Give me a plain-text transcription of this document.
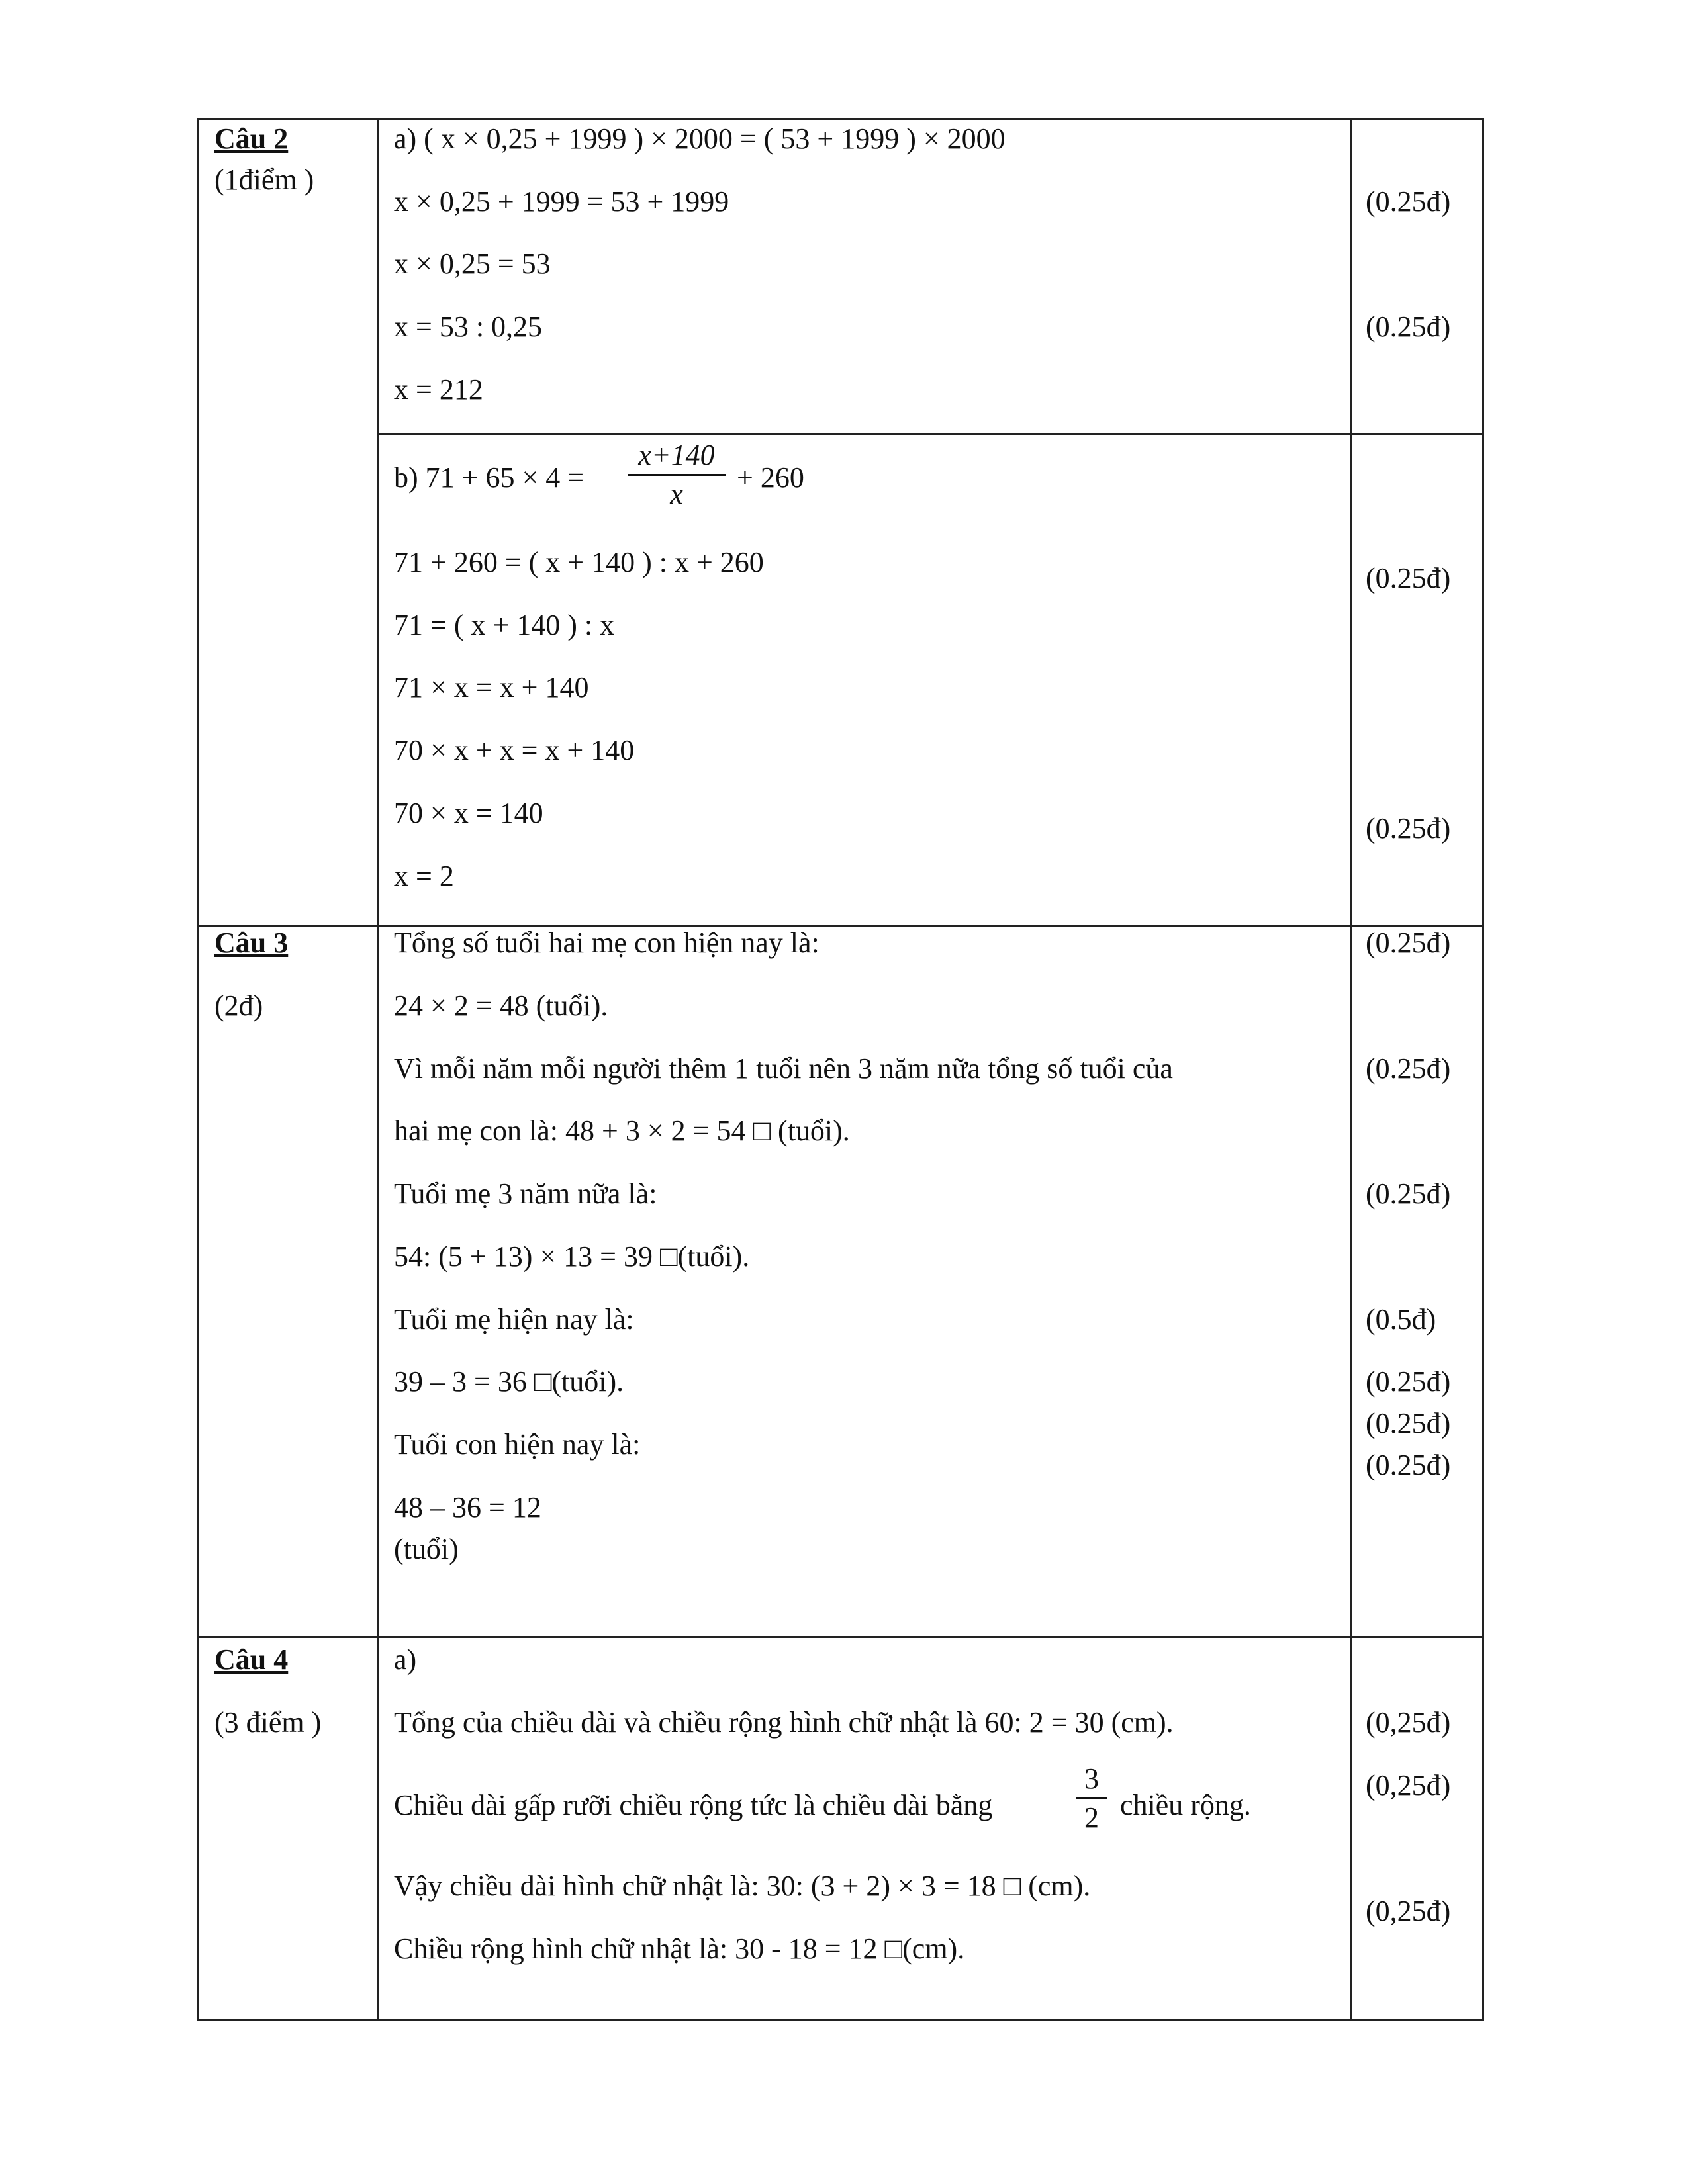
Câu 2
(1điểm )
a) ( x × 0,25 + 1999 ) × 2000 = ( 53 + 1999 ) × 2000
x × 0,25 + 1999 = 53 + 1999
x × 0,25 = 53
x = 53 : 0,25
x = 212
(0.25đ)
(0.25đ)
b) $71 + 65 \times 4 = \frac{x+140}{x} + 260$
71 + 260 = ( x + 140 ) : x + 260
71 = ( x + 140 ) : x
71 × x = x + 140
70 × x + x = x + 140
70 × x = 140
x = 2
(0.25đ)
(0.25đ)
Câu 3
(2đ)
Tổng số tuổi hai mẹ con hiện nay là:
24 × 2 = 48 (tuổi).
Vì mỗi năm mỗi người thêm 1 tuổi nên 3 năm nữa tổng số tuổi của
hai mẹ con là: 48 + 3 × 2 = 54 □ (tuổi).
Tuổi mẹ 3 năm nữa là:
54: (5 + 13) × 13 = 39 □(tuổi).
Tuổi mẹ hiện nay là:
39 – 3 = 36 □(tuổi).
Tuổi con hiện nay là:
48 – 36 = 12
(tuổi)
(0.25đ)
(0.25đ)
(0.25đ)
(0.5đ)
(0.25đ)
(0.25đ)
(0.25đ)
Câu 4
(3 điểm )
a)
Tổng của chiều dài và chiều rộng hình chữ nhật là 60: 2 = 30 (cm).
Chiều dài gấp rưỡi chiều rộng tức là chiều dài bằng	$\frac{3}{2}$ chiều rộng.
Vậy chiều dài hình chữ nhật là: 30: (3 + 2) × 3 = 18 □ (cm).
Chiều rộng hình chữ nhật là: 30 - 18 = 12 □(cm).
(0,25đ)
(0,25đ)
(0,25đ)
